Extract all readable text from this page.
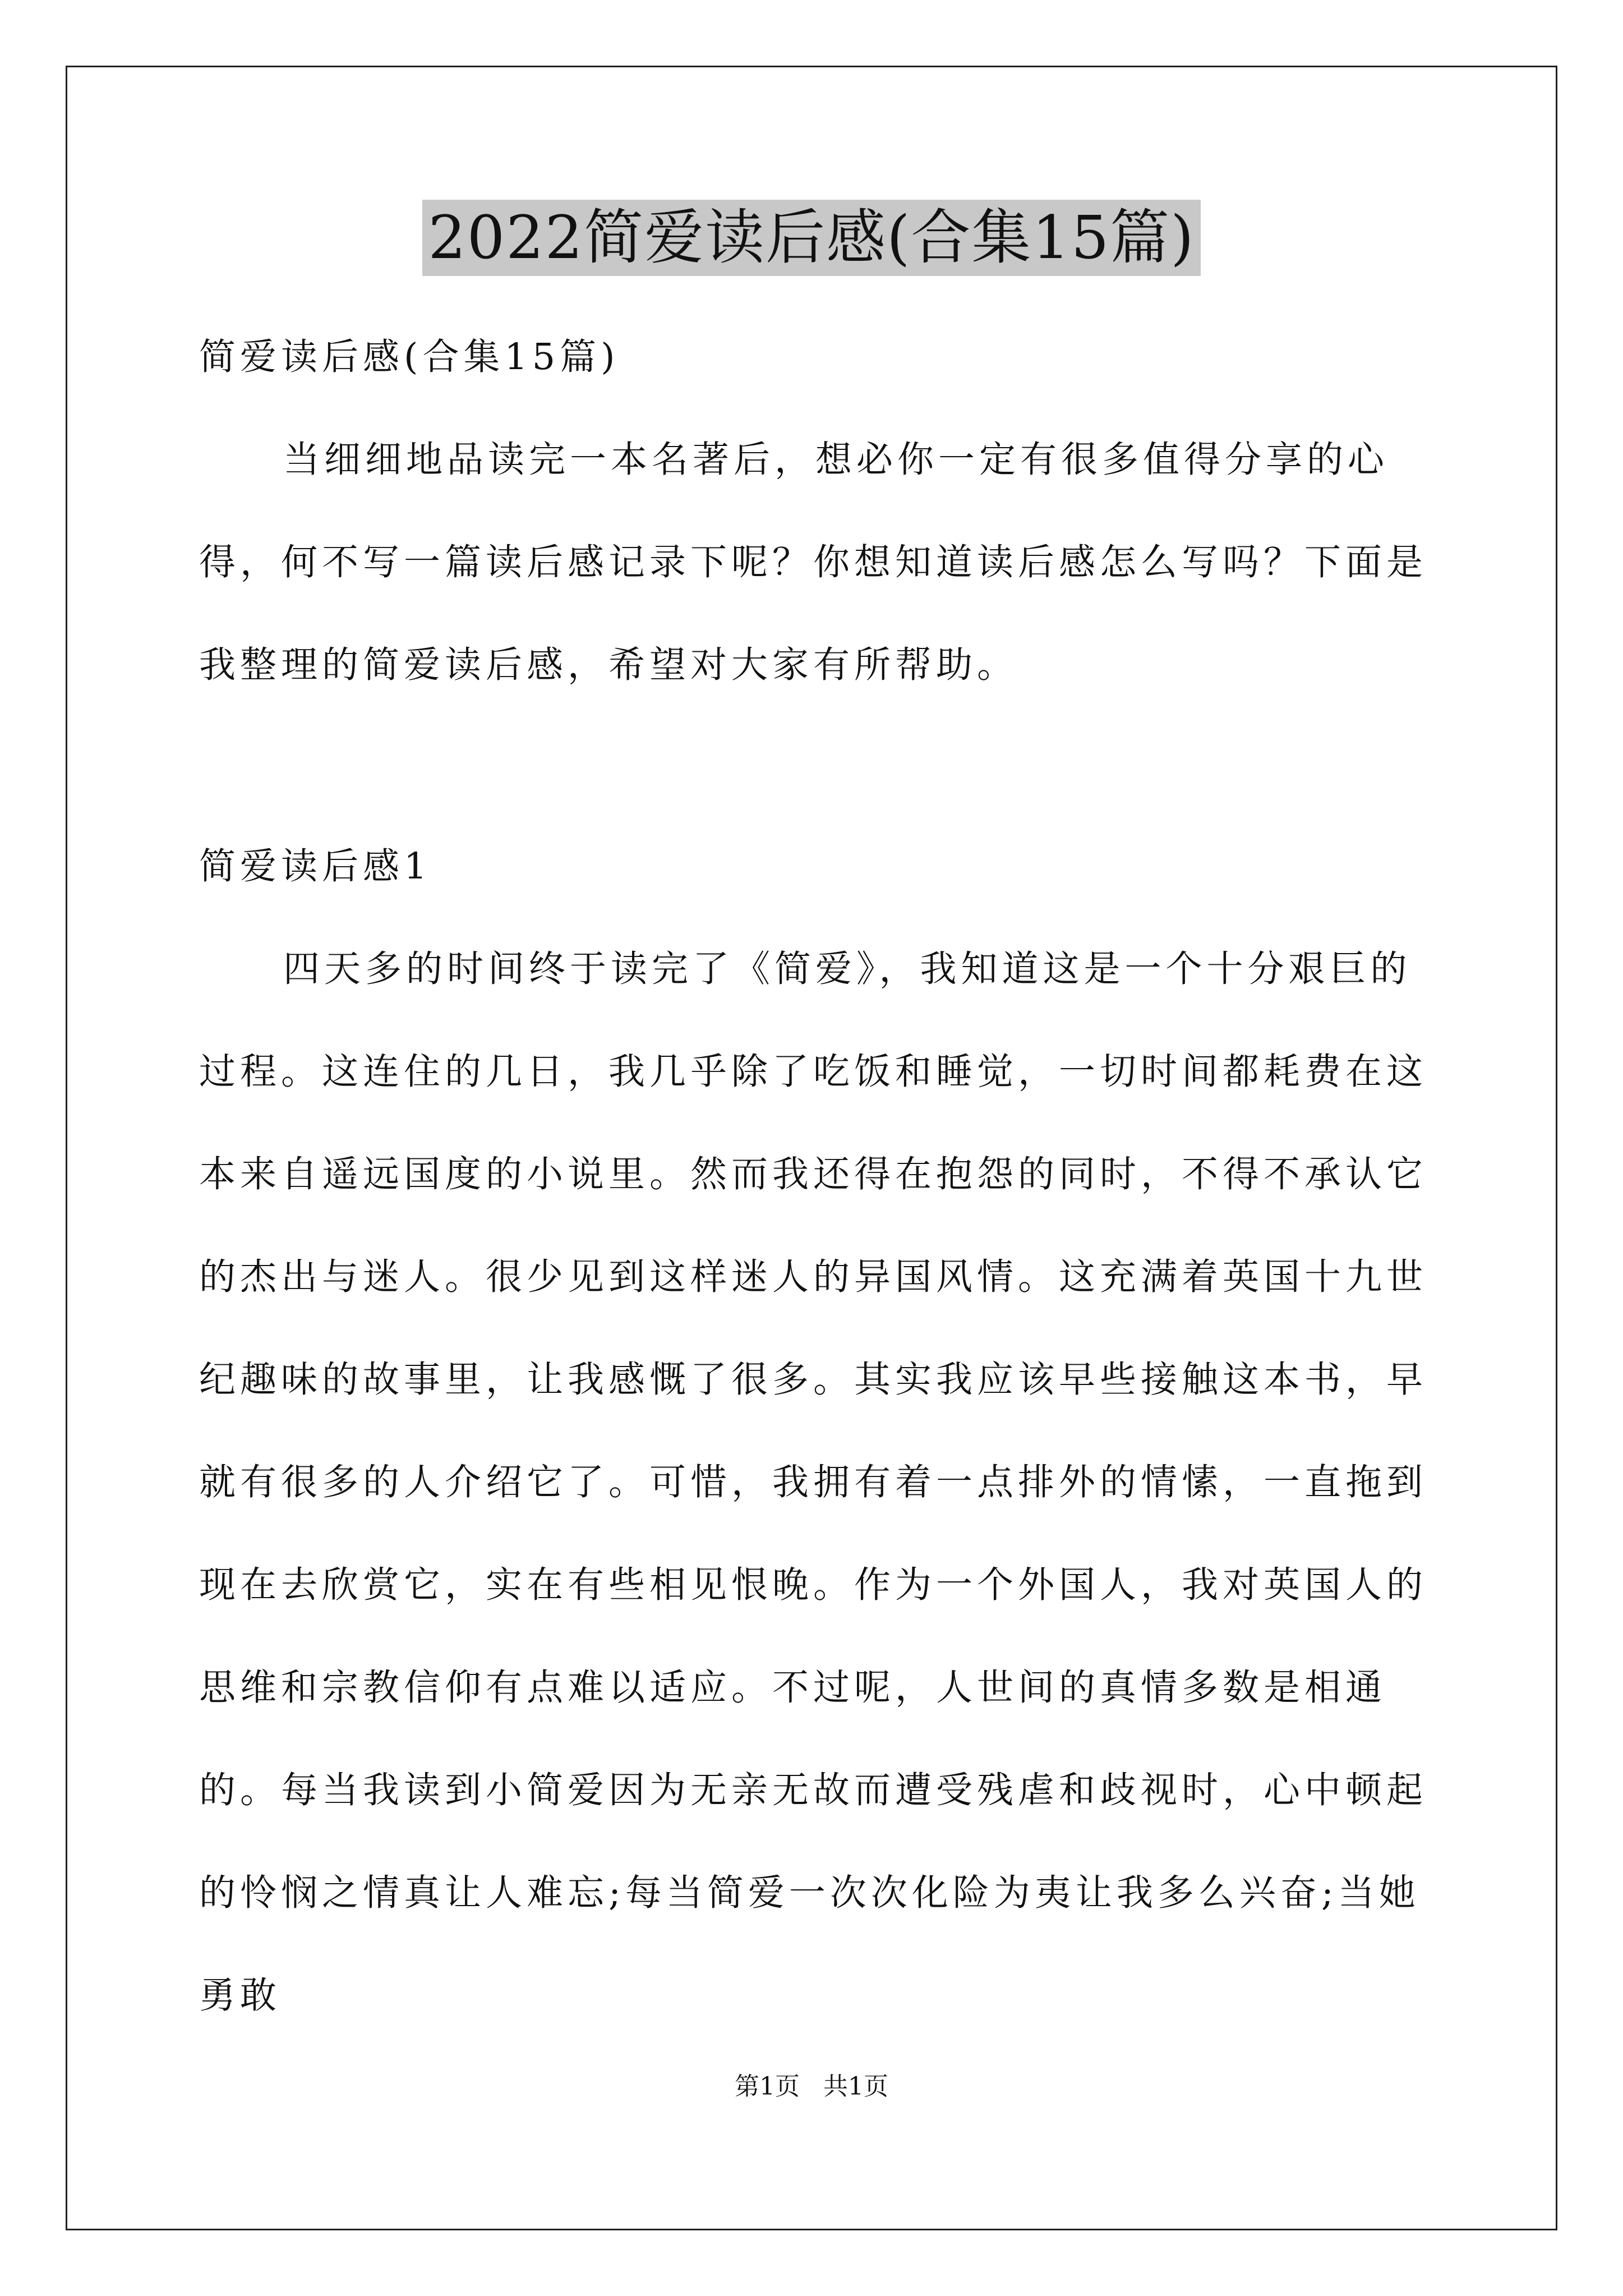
2022简爱读后感(合集15篇)

简爱读后感(合集15篇)

当细细地品读完一本名著后，想必你一定有很多值得分享的心得，何不写一篇读后感记录下呢？你想知道读后感怎么写吗？下面是我整理的简爱读后感，希望对大家有所帮助。

简爱读后感1

四天多的时间终于读完了《简爱》，我知道这是一个十分艰巨的过程。这连住的几日，我几乎除了吃饭和睡觉，一切时间都耗费在这本来自遥远国度的小说里。然而我还得在抱怨的同时，不得不承认它的杰出与迷人。很少见到这样迷人的异国风情。这充满着英国十九世纪趣味的故事里，让我感慨了很多。其实我应该早些接触这本书，早就有很多的人介绍它了。可惜，我拥有着一点排外的情愫，一直拖到现在去欣赏它，实在有些相见恨晚。作为一个外国人，我对英国人的思维和宗教信仰有点难以适应。不过呢，人世间的真情多数是相通的。每当我读到小简爱因为无亲无故而遭受残虐和歧视时，心中顿起的怜悯之情真让人难忘;每当简爱一次次化险为夷让我多么兴奋;当她勇敢

第1页 共1页
